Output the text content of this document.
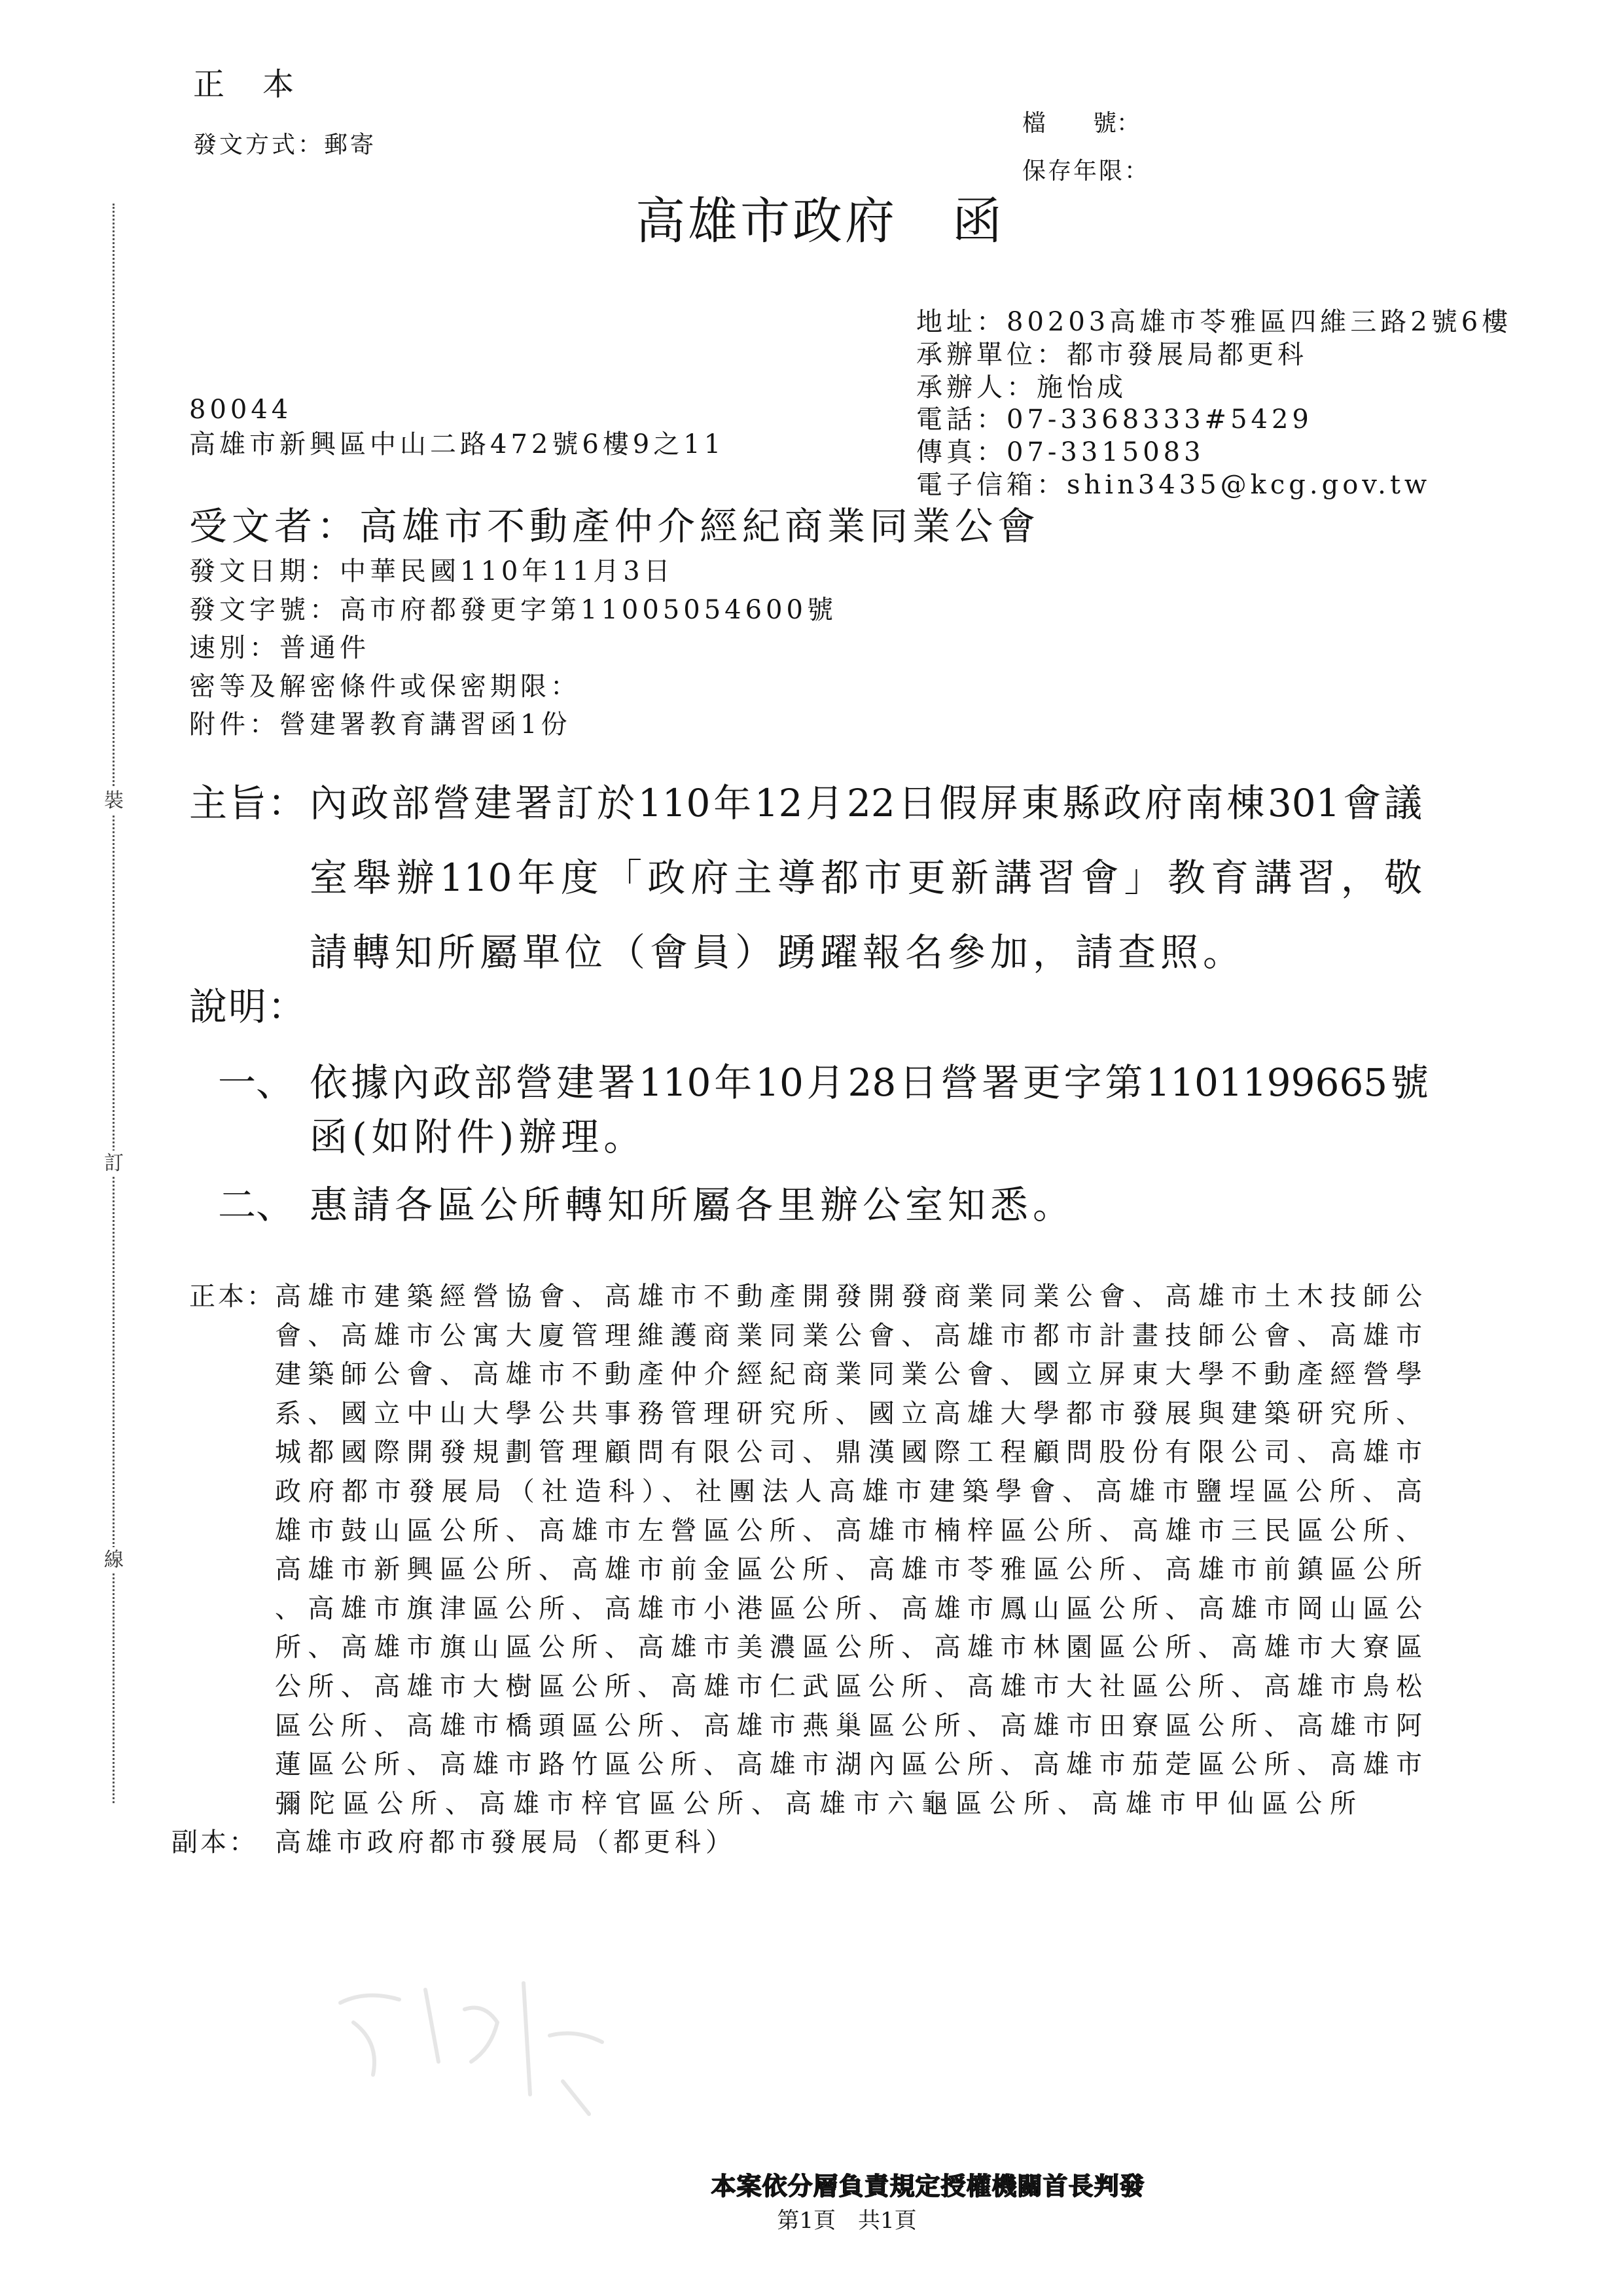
正本
發文方式：郵寄
檔　　號：
保存年限：
高雄市政府 函
裝
訂
線
地址：80203高雄市苓雅區四維三路2號6樓
承辦單位：都市發展局都更科
承辦人：施怡成
電話：07-3368333#5429
傳真：07-3315083
電子信箱：shin3435@kcg.gov.tw
80044
高雄市新興區中山二路472號6樓9之11
受文者：高雄市不動產仲介經紀商業同業公會
發文日期：中華民國110年11月3日
發文字號：高市府都發更字第11005054600號
速別：普通件
密等及解密條件或保密期限：
附件：營建署教育講習函1份
主旨： 內政部營建署訂於110年12月22日假屏東縣政府南棟301會議
室舉辦110年度「政府主導都市更新講習會」教育講習，敬
請轉知所屬單位（會員）踴躍報名參加，請查照。
說明：
一、 依據內政部營建署110年10月28日營署更字第1101199665號
函(如附件)辦理。
二、 惠請各區公所轉知所屬各里辦公室知悉。
正本： 高雄市建築經營協會、高雄市不動產開發開發商業同業公會、高雄市土木技師公
會、高雄市公寓大廈管理維護商業同業公會、高雄市都市計畫技師公會、高雄市
建築師公會、高雄市不動產仲介經紀商業同業公會、國立屏東大學不動產經營學
系、國立中山大學公共事務管理研究所、國立高雄大學都市發展與建築研究所、
城都國際開發規劃管理顧問有限公司、鼎漢國際工程顧問股份有限公司、高雄市
政府都市發展局（社造科）、社團法人高雄市建築學會、高雄市鹽埕區公所、高
雄市鼓山區公所、高雄市左營區公所、高雄市楠梓區公所、高雄市三民區公所、
高雄市新興區公所、高雄市前金區公所、高雄市苓雅區公所、高雄市前鎮區公所
、高雄市旗津區公所、高雄市小港區公所、高雄市鳳山區公所、高雄市岡山區公
所、高雄市旗山區公所、高雄市美濃區公所、高雄市林園區公所、高雄市大寮區
公所、高雄市大樹區公所、高雄市仁武區公所、高雄市大社區公所、高雄市鳥松
區公所、高雄市橋頭區公所、高雄市燕巢區公所、高雄市田寮區公所、高雄市阿
蓮區公所、高雄市路竹區公所、高雄市湖內區公所、高雄市茄萣區公所、高雄市
彌陀區公所、高雄市梓官區公所、高雄市六龜區公所、高雄市甲仙區公所
副本： 高雄市政府都市發展局（都更科）
本案依分層負責規定授權機關首長判發
第1頁　共1頁
